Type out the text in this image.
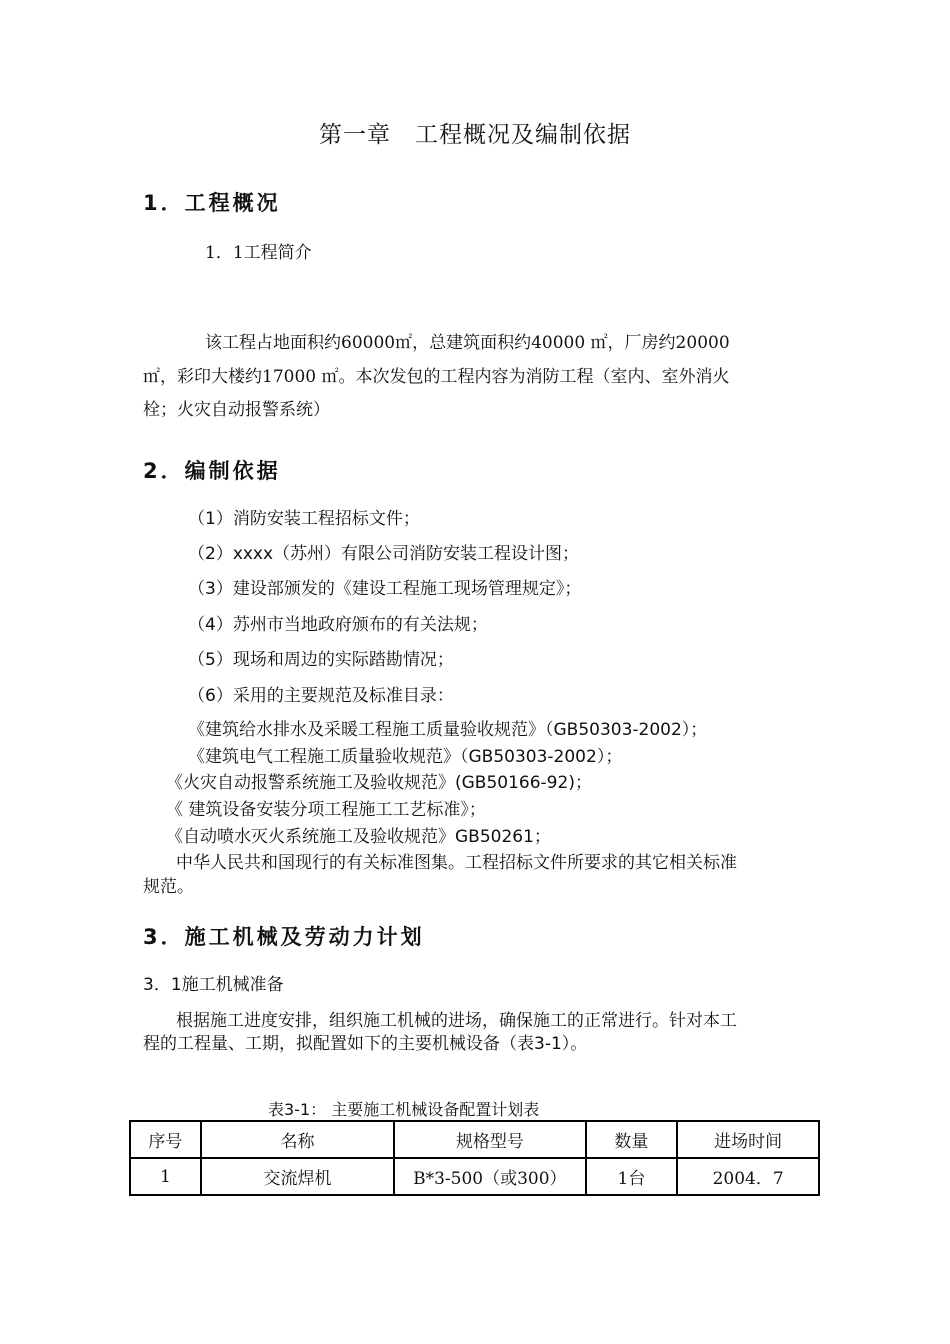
第一章　工程概况及编制依据
1．工程概况
1．1工程简介
该工程占地面积约60000㎡，总建筑面积约40000 ㎡，厂房约20000
㎡，彩印大楼约17000 ㎡。本次发包的工程内容为消防工程（室内、室外消火
栓；火灾自动报警系统）
2．编制依据
（1）消防安装工程招标文件；
（2）xxxx（苏州）有限公司消防安装工程设计图；
（3）建设部颁发的《建设工程施工现场管理规定》；
（4）苏州市当地政府颁布的有关法规；
（5）现场和周边的实际踏勘情况；
（6）采用的主要规范及标准目录：
《建筑给水排水及采暖工程施工质量验收规范》（GB50303-2002）；
《建筑电气工程施工质量验收规范》（GB50303-2002）；
《火灾自动报警系统施工及验收规范》(GB50166-92)；
《 建筑设备安装分项工程施工工艺标准》；
《自动喷水灭火系统施工及验收规范》GB50261；
中华人民共和国现行的有关标准图集。工程招标文件所要求的其它相关标准
规范。
3．施工机械及劳动力计划
3．1施工机械准备
根据施工进度安排，组织施工机械的进场，确保施工的正常进行。针对本工
程的工程量、工期，拟配置如下的主要机械设备（表3-1）。
表3-1： 主要施工机械设备配置计划表
序号	名称	规格型号	数量	进场时间
1	交流焊机	B*3-500（或300）	1台	2004．7
